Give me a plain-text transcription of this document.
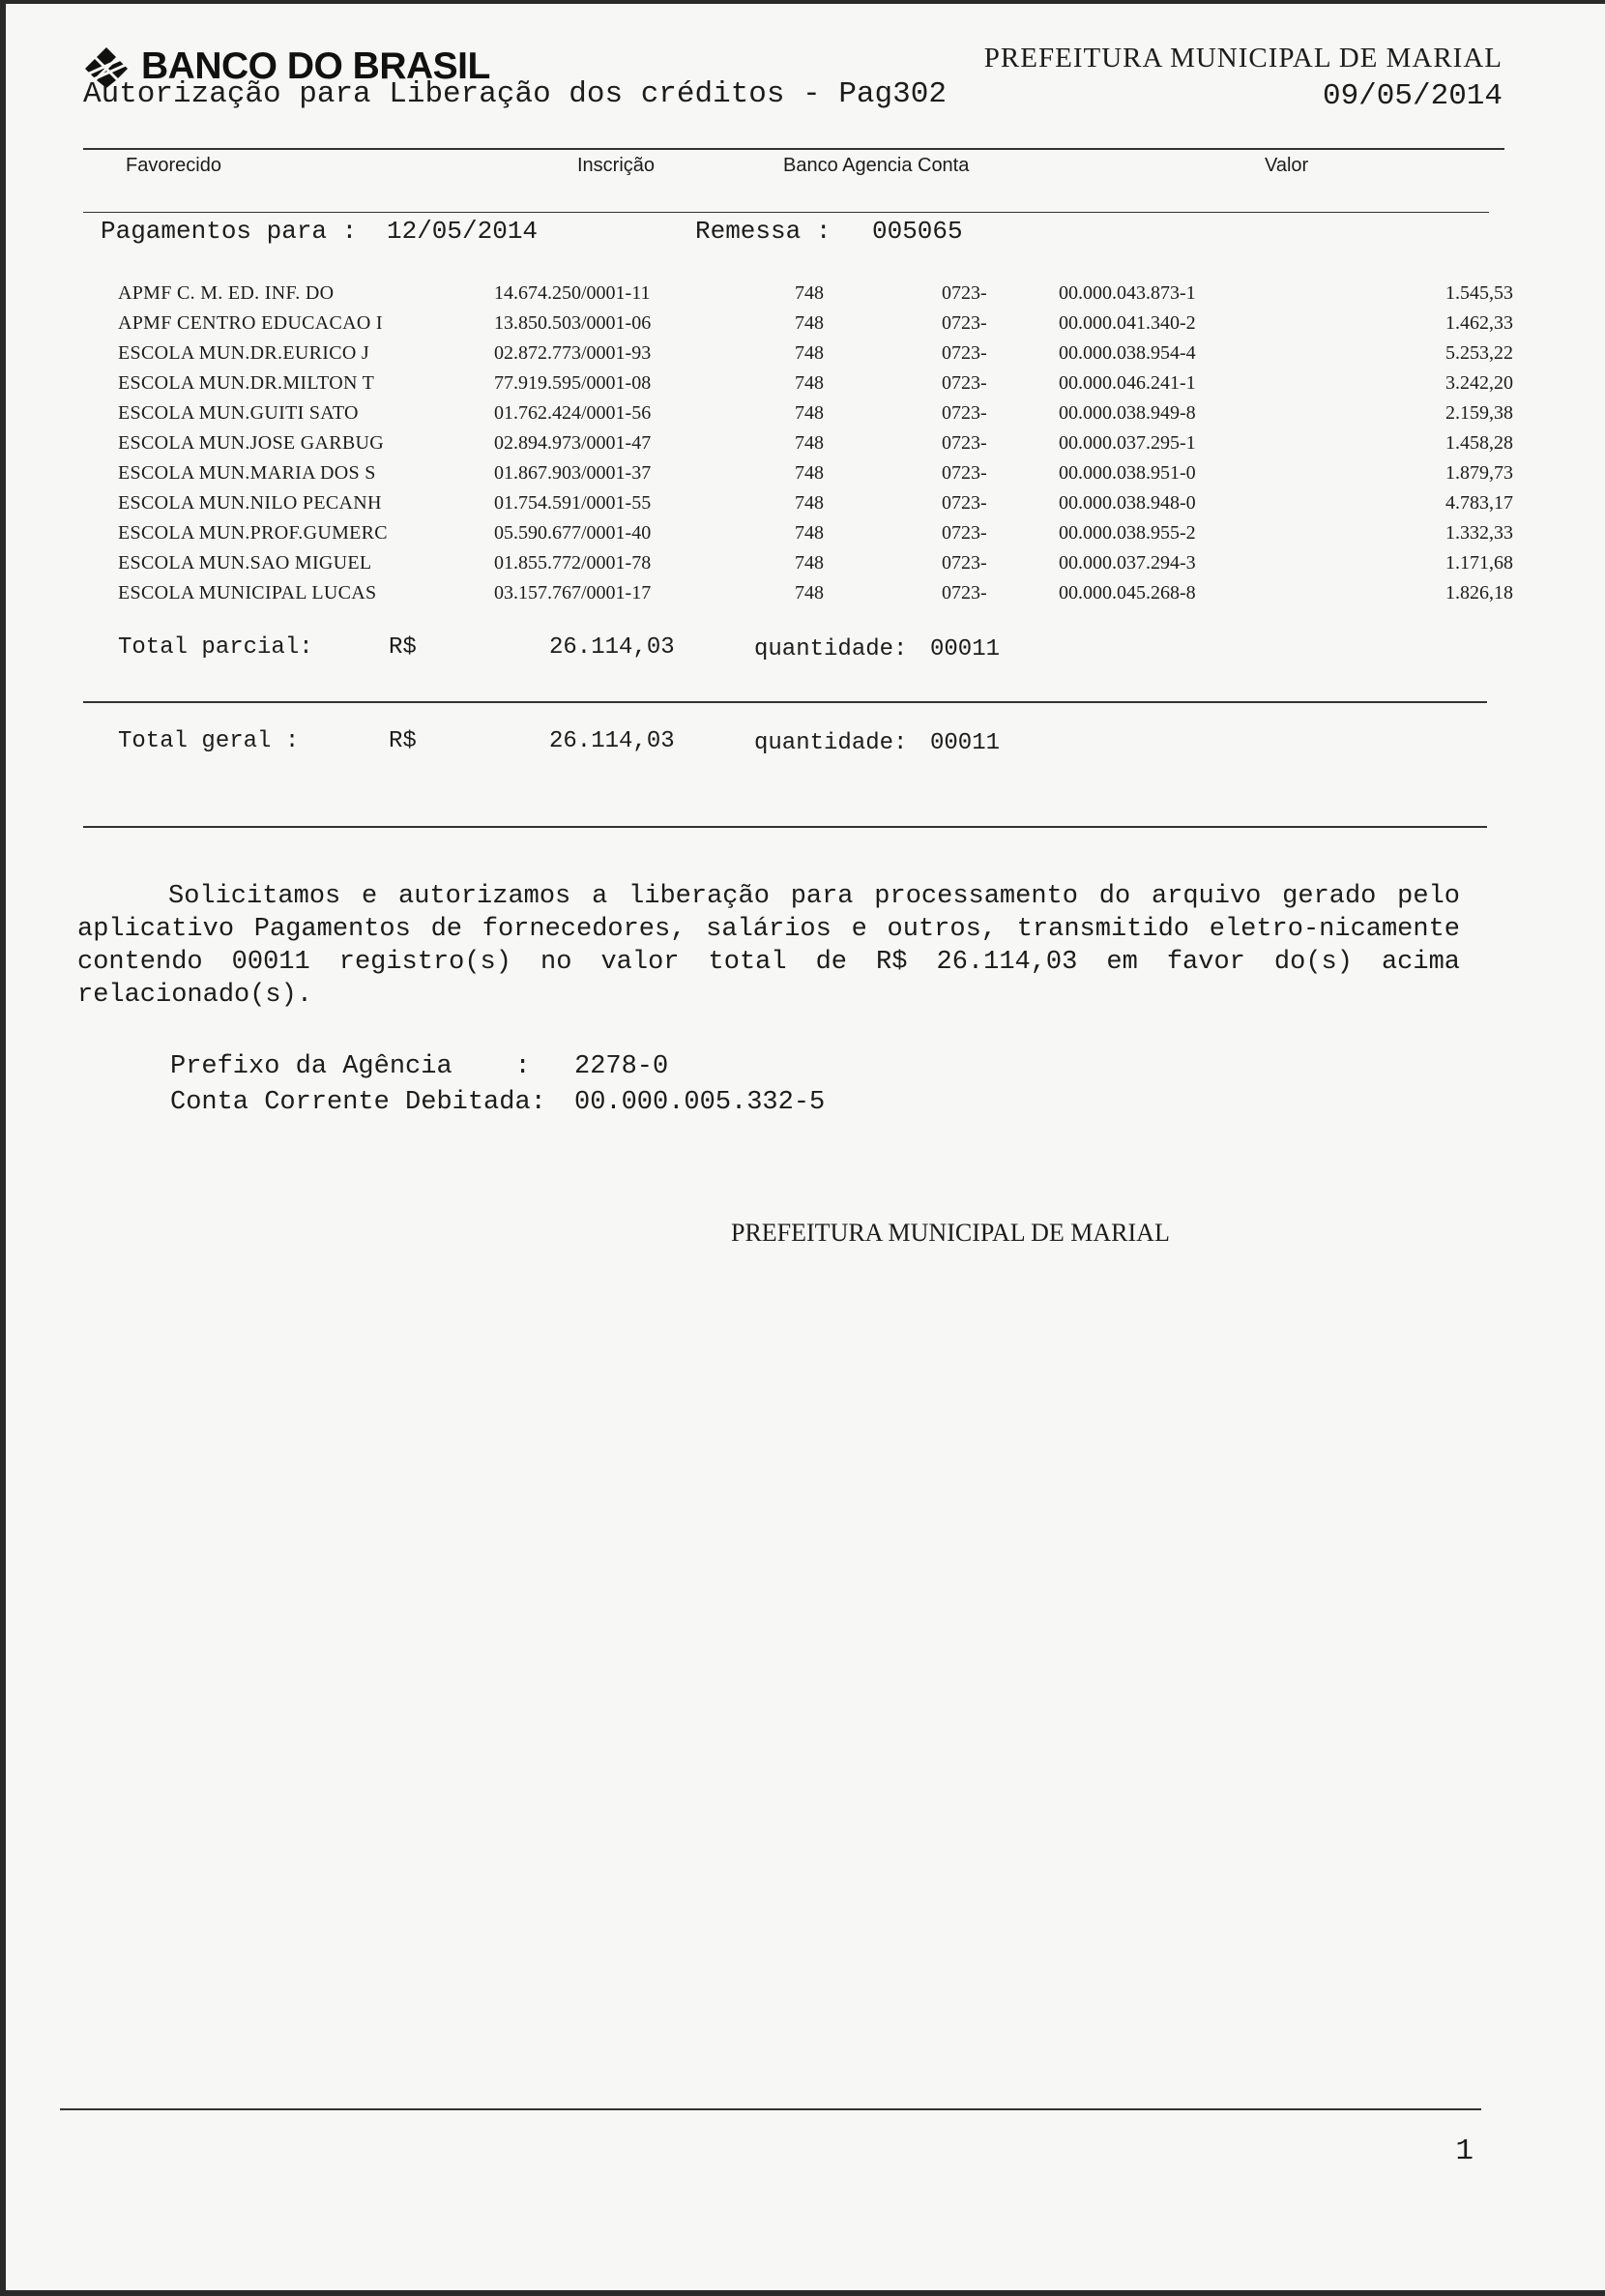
BANCO DO BRASIL
Autorização para Liberação dos créditos - Pag302
PREFEITURA MUNICIPAL DE MARIAL
09/05/2014
Favorecido	Inscrição	Banco Agencia Conta	Valor
Pagamentos para : 12/05/2014	Remessa : 005065
APMF C. M. ED. INF. DO	14.674.250/0001-11	748	0723-	00.000.043.873-1	1.545,53
APMF CENTRO EDUCACAO I	13.850.503/0001-06	748	0723-	00.000.041.340-2	1.462,33
ESCOLA MUN.DR.EURICO J	02.872.773/0001-93	748	0723-	00.000.038.954-4	5.253,22
ESCOLA MUN.DR.MILTON T	77.919.595/0001-08	748	0723-	00.000.046.241-1	3.242,20
ESCOLA MUN.GUITI SATO	01.762.424/0001-56	748	0723-	00.000.038.949-8	2.159,38
ESCOLA MUN.JOSE GARBUG	02.894.973/0001-47	748	0723-	00.000.037.295-1	1.458,28
ESCOLA MUN.MARIA DOS S	01.867.903/0001-37	748	0723-	00.000.038.951-0	1.879,73
ESCOLA MUN.NILO PECANH	01.754.591/0001-55	748	0723-	00.000.038.948-0	4.783,17
ESCOLA MUN.PROF.GUMERC	05.590.677/0001-40	748	0723-	00.000.038.955-2	1.332,33
ESCOLA MUN.SAO MIGUEL	01.855.772/0001-78	748	0723-	00.000.037.294-3	1.171,68
ESCOLA MUNICIPAL LUCAS	03.157.767/0001-17	748	0723-	00.000.045.268-8	1.826,18
Total parcial:	R$	26.114,03	quantidade: 00011
Total geral :	R$	26.114,03	quantidade: 00011
Solicitamos e autorizamos a liberação para processamento do arquivo gerado pelo aplicativo Pagamentos de fornecedores, salários e outros, transmitido eletro-nicamente contendo 00011 registro(s) no valor total de R$ 26.114,03 em favor do(s) acima relacionado(s).
Prefixo da Agência    : 2278-0
Conta Corrente Debitada: 00.000.005.332-5
PREFEITURA MUNICIPAL DE MARIAL
1
